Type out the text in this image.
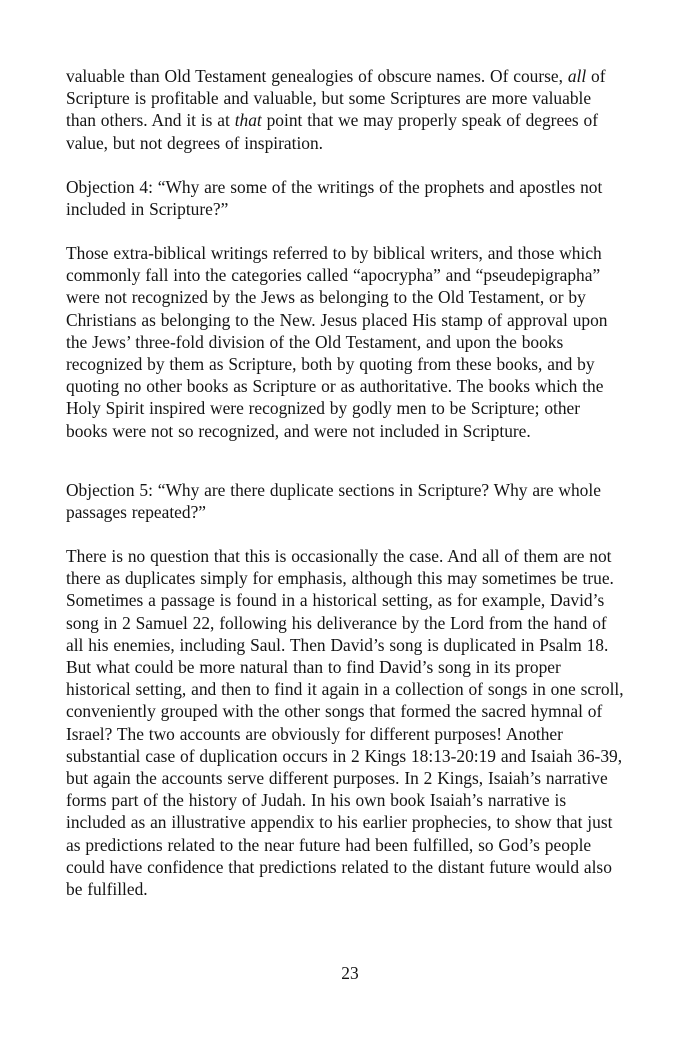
valuable than Old Testament genealogies of obscure names. Of course, all of Scripture is profitable and valuable, but some Scriptures are more valuable than others. And it is at that point that we may properly speak of degrees of value, but not degrees of inspiration.
Objection 4: “Why are some of the writings of the prophets and apostles not included in Scripture?”
Those extra-biblical writings referred to by biblical writers, and those which commonly fall into the categories called “apocrypha” and “pseudepigrapha” were not recognized by the Jews as belonging to the Old Testament, or by Christians as belonging to the New. Jesus placed His stamp of approval upon the Jews’ three-fold division of the Old Testament, and upon the books recognized by them as Scripture, both by quoting from these books, and by quoting no other books as Scripture or as authoritative. The books which the Holy Spirit inspired were recognized by godly men to be Scripture; other books were not so recognized, and were not included in Scripture.
Objection 5: “Why are there duplicate sections in Scripture? Why are whole passages repeated?”
There is no question that this is occasionally the case. And all of them are not there as duplicates simply for emphasis, although this may sometimes be true. Sometimes a passage is found in a historical setting, as for example, David’s song in 2 Samuel 22, following his deliverance by the Lord from the hand of all his enemies, including Saul. Then David’s song is duplicated in Psalm 18. But what could be more natural than to find David’s song in its proper historical setting, and then to find it again in a collection of songs in one scroll, conveniently grouped with the other songs that formed the sacred hymnal of Israel? The two accounts are obviously for different purposes! Another substantial case of duplication occurs in 2 Kings 18:13-20:19 and Isaiah 36-39, but again the accounts serve different purposes. In 2 Kings, Isaiah’s narrative forms part of the history of Judah. In his own book Isaiah’s narrative is included as an illustrative appendix to his earlier prophecies, to show that just as predictions related to the near future had been fulfilled, so God’s people could have confidence that predictions related to the distant future would also be fulfilled.
23
